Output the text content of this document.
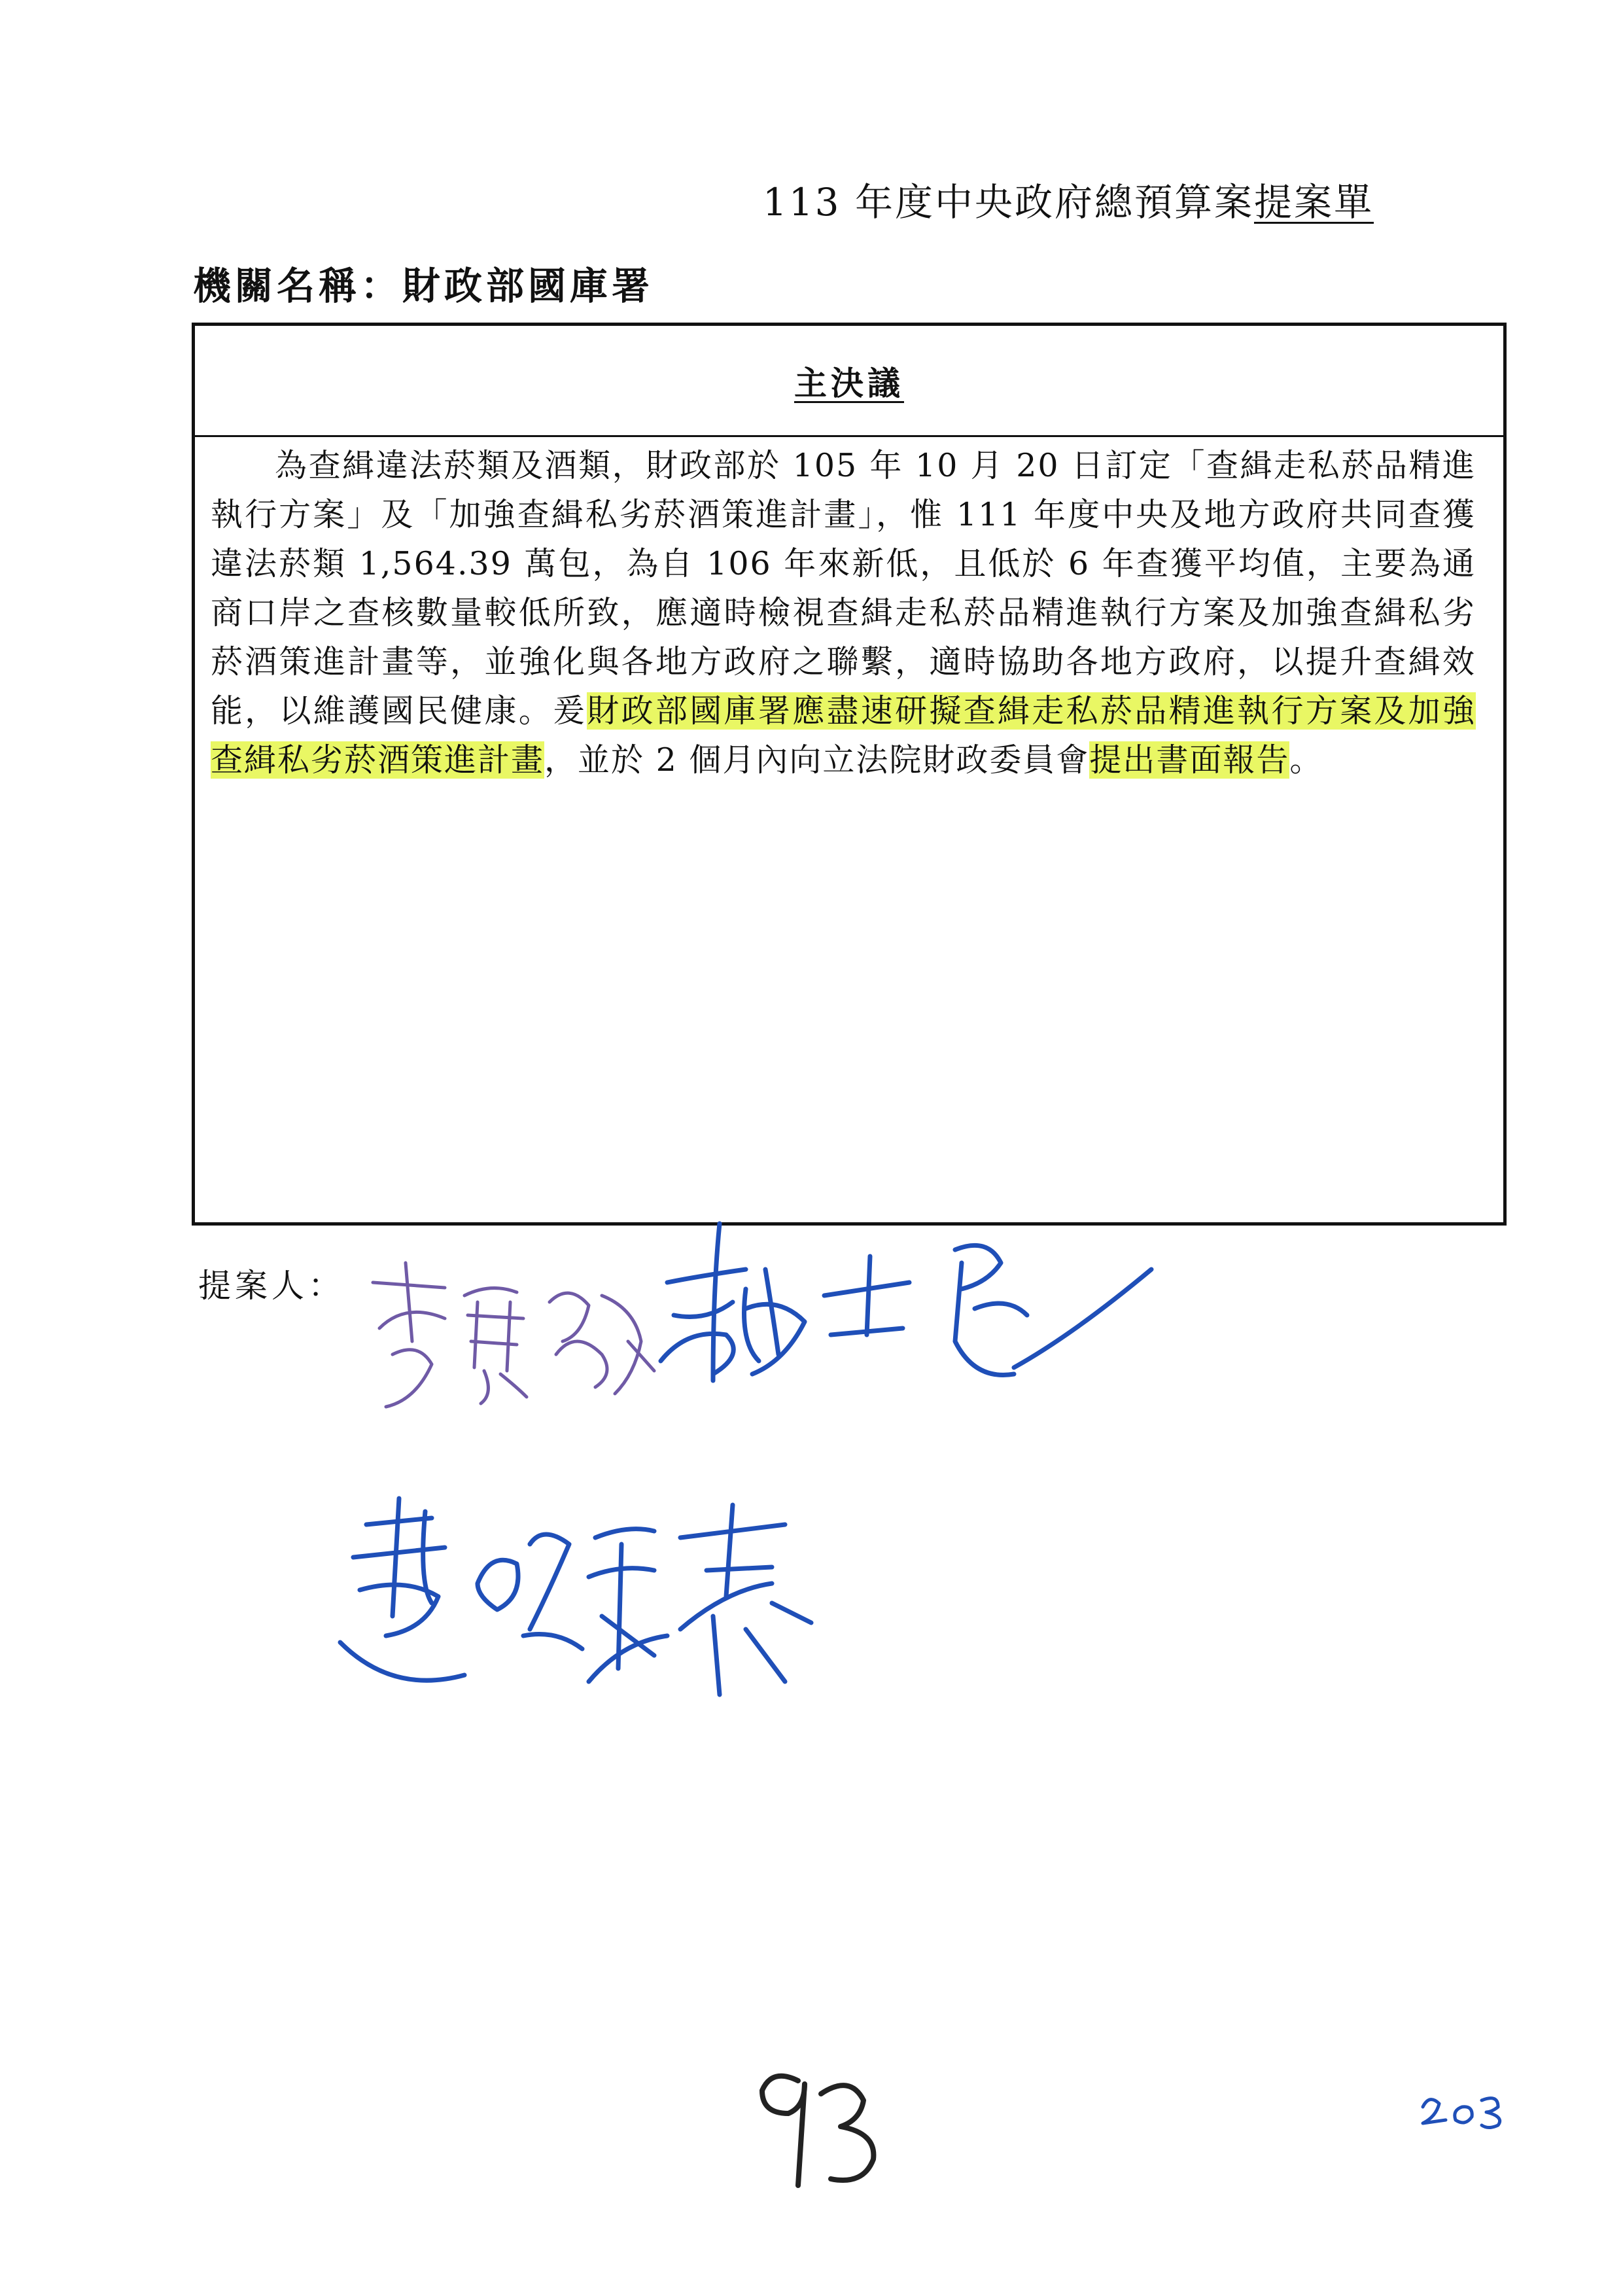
113 年度中央政府總預算案提案單
機關名稱：財政部國庫署
主決議
為查緝違法菸類及酒類，財政部於 105 年 10 月 20 日訂定「查緝走私菸品精進執行方案」及「加強查緝私劣菸酒策進計畫」，惟 111 年度中央及地方政府共同查獲違法菸類 1,564.39 萬包，為自 106 年來新低，且低於 6 年查獲平均值，主要為通商口岸之查核數量較低所致，應適時檢視查緝走私菸品精進執行方案及加強查緝私劣菸酒策進計畫等，並強化與各地方政府之聯繫，適時協助各地方政府，以提升查緝效能，以維護國民健康。爰財政部國庫署應盡速研擬查緝走私菸品精進執行方案及加強查緝私劣菸酒策進計畫，並於 2 個月內向立法院財政委員會提出書面報告。
提案人：
